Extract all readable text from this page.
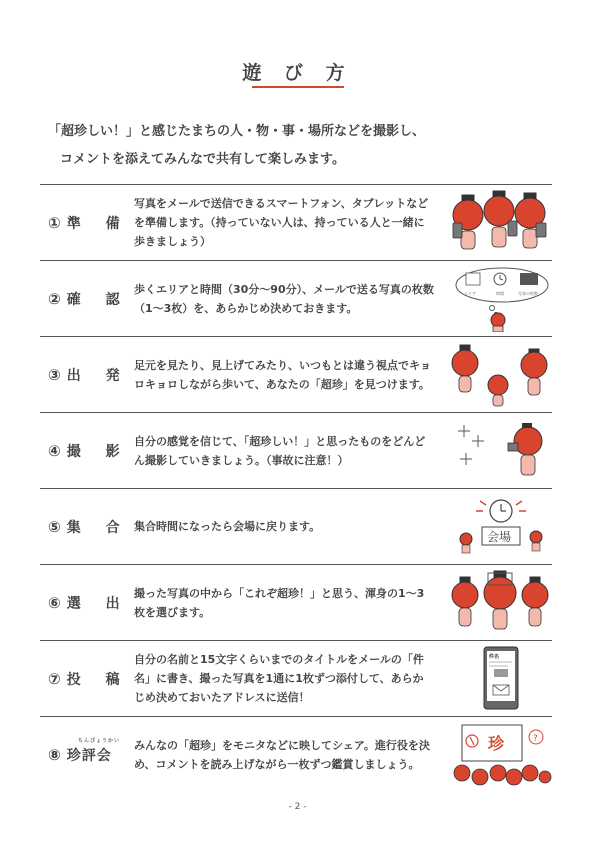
遊 び 方
「超珍しい！」と感じたまちの人・物・事・場所などを撮影し、
コメントを添えてみんなで共有して楽しみます。
① 準 備
写真をメールで送信できるスマートフォン、タブレットなどを準備します。（持っていない人は、持っている人と一緒に歩きましょう）
② 確 認
歩くエリアと時間（30分〜90分）、メールで送る写真の枚数（1〜3枚）を、あらかじめ決めておきます。
エリア	時間	写真の枚数
③ 出 発
足元を見たり、見上げてみたり、いつもとは違う視点でキョロキョロしながら歩いて、あなたの「超珍」を見つけます。
④ 撮 影
自分の感覚を信じて、「超珍しい！」と思ったものをどんどん撮影していきましょう。（事故に注意！）
⑤ 集 合 集合時間になったら会場に戻ります。
会場
⑥ 選 出
撮った写真の中から「これぞ超珍！」と思う、渾身の1〜3枚を選びます。
⑦ 投 稿
自分の名前と15文字くらいまでのタイトルをメールの「件名」に書き、撮った写真を1通に1枚ずつ添付して、あらかじめ決めておいたアドレスに送信！
件名
ちんぴょうかい
⑧ 珍評会
みんなの「超珍」をモニタなどに映してシェア。進行役を決め、コメントを読み上げながら一枚ずつ鑑賞しましょう。
珍	?
- 2 -
